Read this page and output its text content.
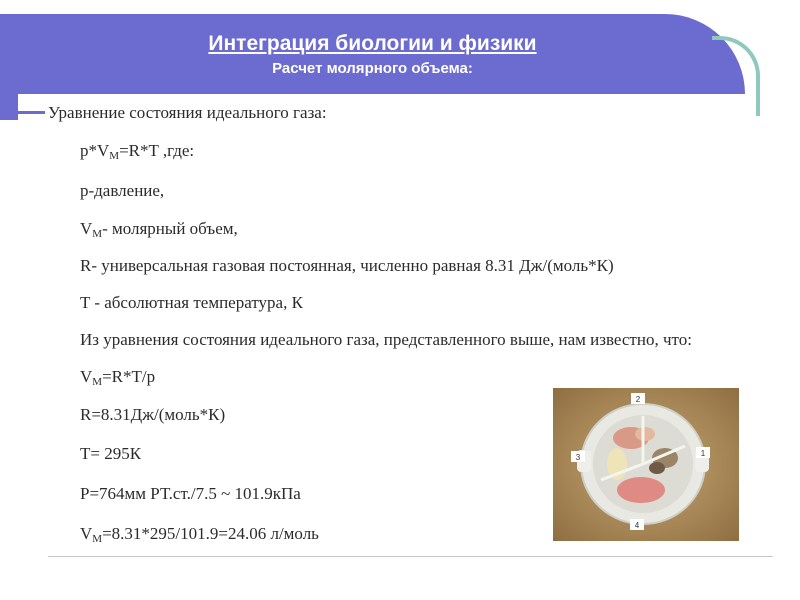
Интеграция биологии и физики
Расчет молярного объема:
Уравнение состояния идеального газа:
$p*V_M=R*T$ ,где:
p-давление,
$V_M-$ молярный объем,
R- универсальная газовая постоянная, численно равная 8.31 Дж/(моль*К)
T - абсолютная температура, К
Из уравнения состояния идеального газа, представленного выше, нам известно, что:
$V_M=R*T/p$
R=8.31Дж/(моль*К)
T= 295К
P=764мм РТ.ст./7.5 ~ 101.9кПа
$V_M=8.31*295/101.9=24.06$ л/моль
2
1
3
4
